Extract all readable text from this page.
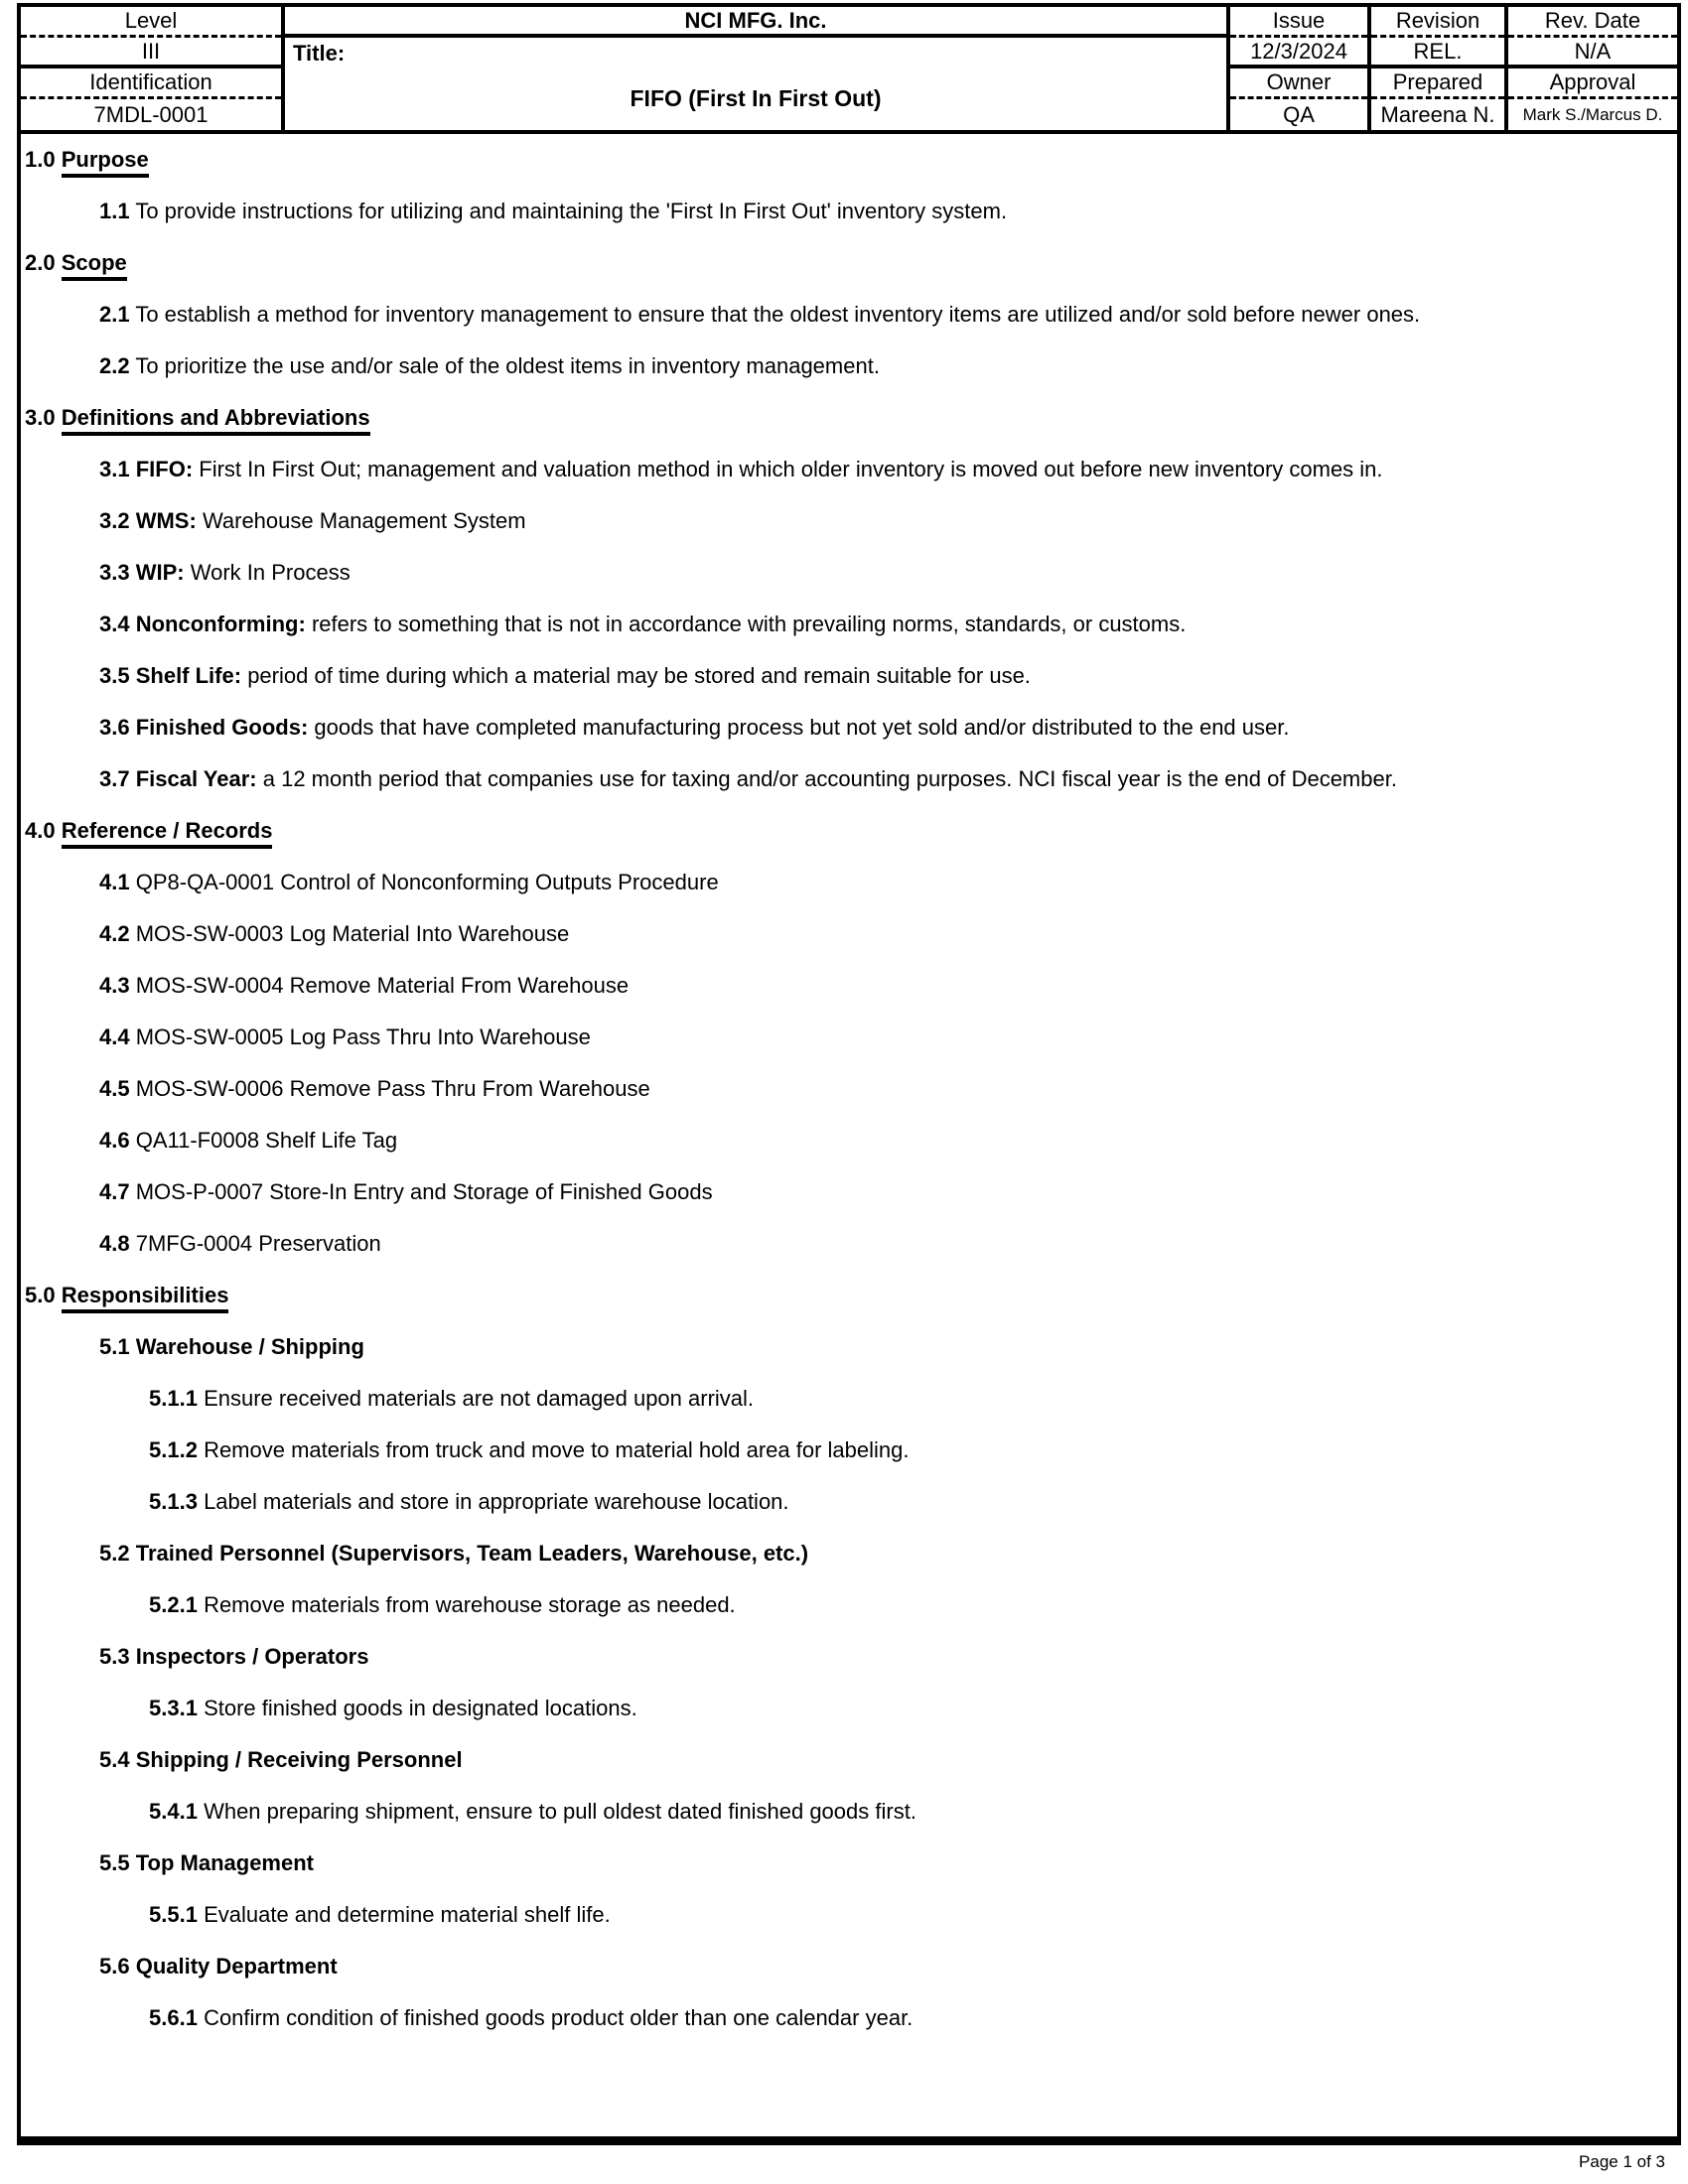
Level
III
Identification
7MDL-0001
NCI MFG. Inc.
Title:
FIFO (First In First Out)
Issue
12/3/2024
Owner
QA
Revision
REL.
Prepared
Mareena N.
Rev. Date
N/A
Approval
Mark S./Marcus D.

1.0 Purpose

1.1 To provide instructions for utilizing and maintaining the 'First In First Out' inventory system.

2.0 Scope

2.1 To establish a method for inventory management to ensure that the oldest inventory items are utilized and/or sold before newer ones.

2.2 To prioritize the use and/or sale of the oldest items in inventory management.

3.0 Definitions and Abbreviations

3.1 FIFO: First In First Out; management and valuation method in which older inventory is moved out before new inventory comes in.

3.2 WMS: Warehouse Management System

3.3 WIP: Work In Process

3.4 Nonconforming: refers to something that is not in accordance with prevailing norms, standards, or customs.

3.5 Shelf Life: period of time during which a material may be stored and remain suitable for use.

3.6 Finished Goods: goods that have completed manufacturing process but not yet sold and/or distributed to the end user.

3.7 Fiscal Year: a 12 month period that companies use for taxing and/or accounting purposes. NCI fiscal year is the end of December.

4.0 Reference / Records

4.1 QP8-QA-0001 Control of Nonconforming Outputs Procedure

4.2 MOS-SW-0003 Log Material Into Warehouse

4.3 MOS-SW-0004 Remove Material From Warehouse

4.4 MOS-SW-0005 Log Pass Thru Into Warehouse

4.5 MOS-SW-0006 Remove Pass Thru From Warehouse

4.6 QA11-F0008 Shelf Life Tag

4.7 MOS-P-0007 Store-In Entry and Storage of Finished Goods

4.8 7MFG-0004 Preservation

5.0 Responsibilities

5.1 Warehouse / Shipping

5.1.1 Ensure received materials are not damaged upon arrival.

5.1.2 Remove materials from truck and move to material hold area for labeling.

5.1.3 Label materials and store in appropriate warehouse location.

5.2 Trained Personnel (Supervisors, Team Leaders, Warehouse, etc.)

5.2.1 Remove materials from warehouse storage as needed.

5.3 Inspectors / Operators

5.3.1 Store finished goods in designated locations.

5.4 Shipping / Receiving Personnel

5.4.1 When preparing shipment, ensure to pull oldest dated finished goods first.

5.5 Top Management

5.5.1 Evaluate and determine material shelf life.

5.6 Quality Department

5.6.1 Confirm condition of finished goods product older than one calendar year.

Page 1 of 3
